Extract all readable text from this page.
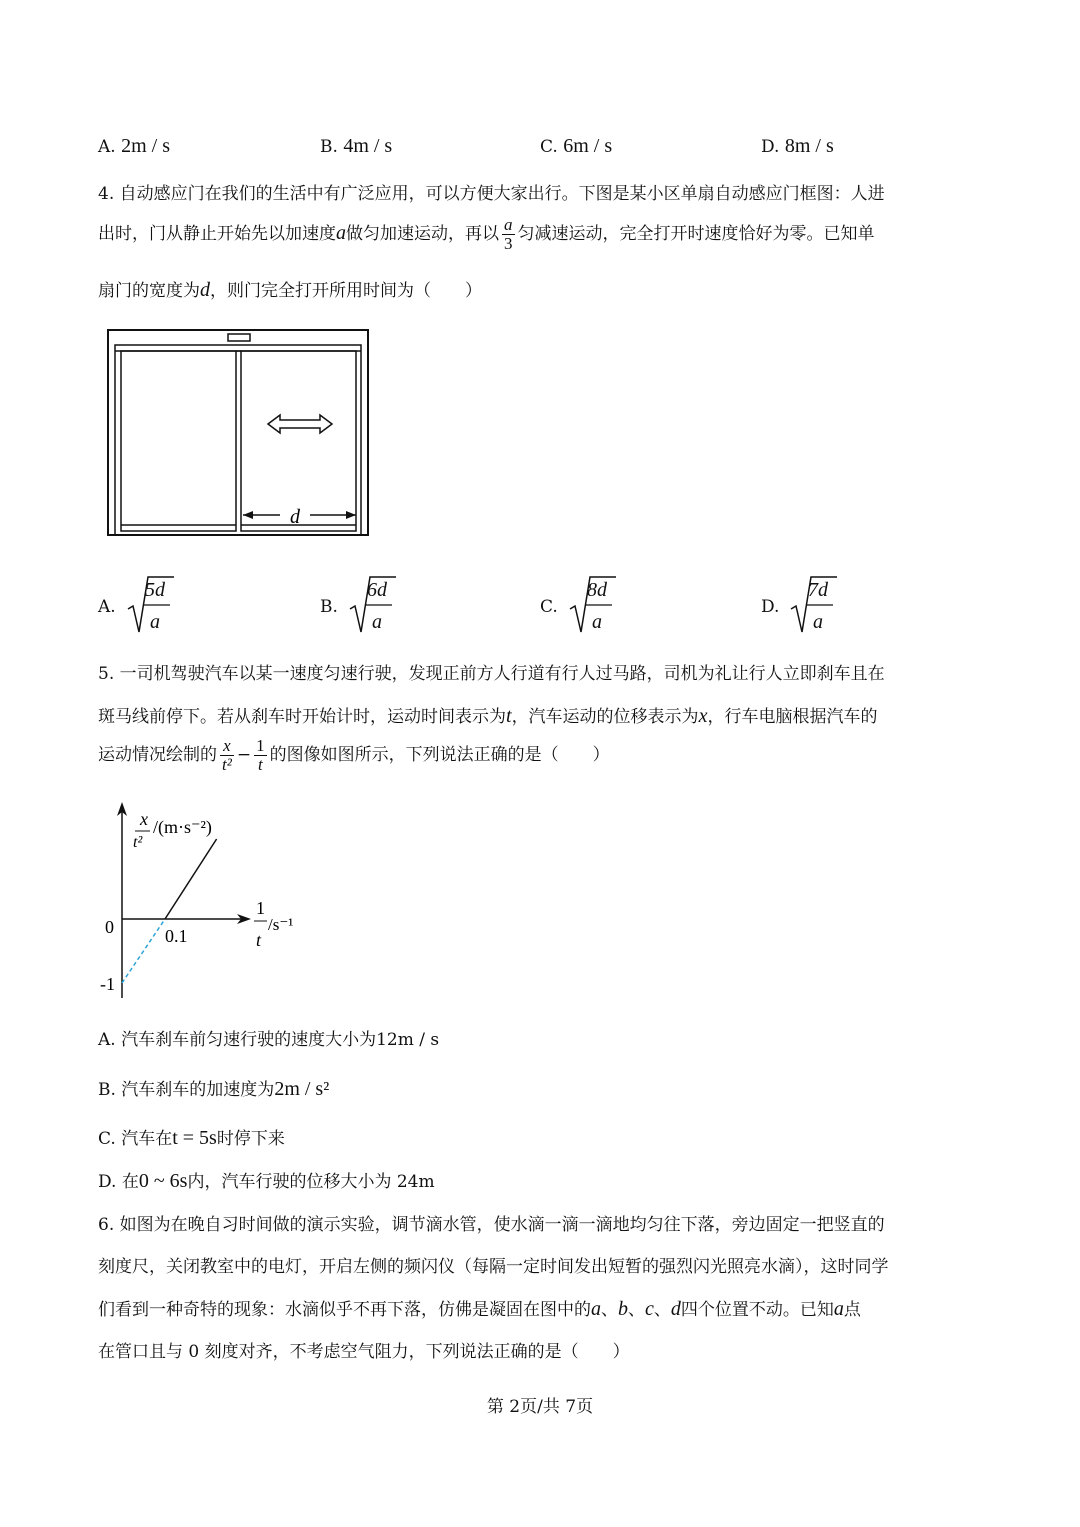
A. 2m / s	B. 4m / s	C. 6m / s	D. 8m / s
4. 自动感应门在我们的生活中有广泛应用，可以方便大家出行。下图是某小区单扇自动感应门框图：人进
出时，门从静止开始先以加速度a做匀加速运动，再以 $\frac{a}{3}$ 匀减速运动，完全打开时速度恰好为零。已知单
扇门的宽度为d，则门完全打开所用时间为（　　）
d
A.
5d
a
B.
6d
a
C.
8d
a
D.
7d
a
5. 一司机驾驶汽车以某一速度匀速行驶，发现正前方人行道有行人过马路，司机为礼让行人立即刹车且在
斑马线前停下。若从刹车时开始计时，运动时间表示为t，汽车运动的位移表示为x，行车电脑根据汽车的
运动情况绘制的 $\frac{x}{\text{t²}} - \frac{1}{t}$ 的图像如图所示，下列说法正确的是（　　）
x
t²
/(m·s⁻²)
1
t
/s⁻¹
0	0.1
-1
A. 汽车刹车前匀速行驶的速度大小为12m / s
B. 汽车刹车的加速度为2m / s²
C. 汽车在t = 5s时停下来
D. 在0 ~ 6s内，汽车行驶的位移大小为 24m
6. 如图为在晚自习时间做的演示实验，调节滴水管，使水滴一滴一滴地均匀往下落，旁边固定一把竖直的
刻度尺，关闭教室中的电灯，开启左侧的频闪仪（每隔一定时间发出短暂的强烈闪光照亮水滴），这时同学
们看到一种奇特的现象：水滴似乎不再下落，仿佛是凝固在图中的a、b、c、d四个位置不动。已知a点
在管口且与 0 刻度对齐，不考虑空气阻力，下列说法正确的是（　　）
第 2页/共 7页
